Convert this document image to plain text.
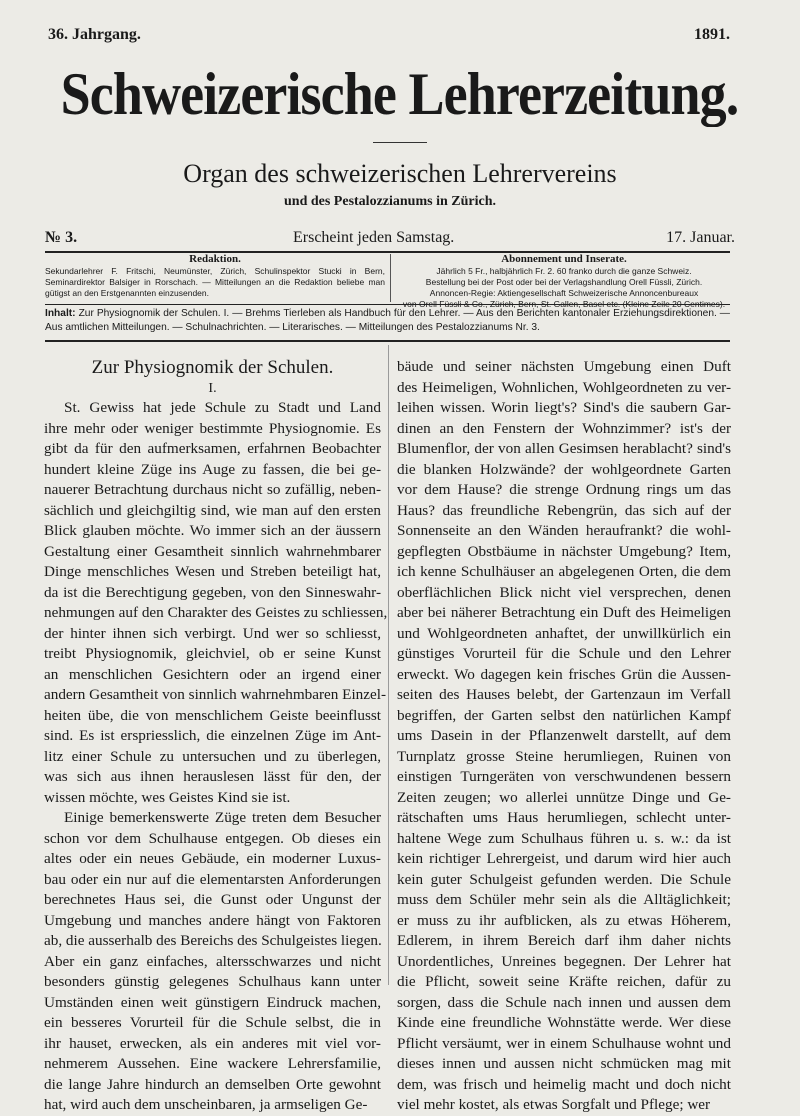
36. Jahrgang.	1891.
Schweizerische Lehrerzeitung.
Organ des schweizerischen Lehrervereins
und des Pestalozzianums in Zürich.
№ 3.	Erscheint jeden Samstag.	17. Januar.
Redaktion.
Sekundarlehrer F. Fritschi, Neumünster, Zürich, Schulinspektor Stucki in Bern, Seminardirektor Balsiger in Rorschach. — Mitteilungen an die Redaktion beliebe man gütigst an den Erstgenannten einzusenden.
Abonnement und Inserate.
Jährlich 5 Fr., halbjährlich Fr. 2. 60 franko durch die ganze Schweiz.
Bestellung bei der Post oder bei der Verlagshandlung Orell Füssli, Zürich.
Annoncen-Regie: Aktiengesellschaft Schweizerische Annoncenbureaux
von Orell Füssli & Co., Zürich, Bern, St. Gallen, Basel etc. (Kleine Zeile 20 Centimes).
Inhalt: Zur Physiognomik der Schulen. I. — Brehms Tierleben als Handbuch für den Lehrer. — Aus den Berichten kantonaler Erziehungsdirektionen. — Aus amtlichen Mitteilungen. — Schulnachrichten. — Literarisches. — Mitteilungen des Pestalozzianums Nr. 3.
Zur Physiognomik der Schulen.
I.
St. Gewiss hat jede Schule zu Stadt und Land
ihre mehr oder weniger bestimmte Physiognomie. Es
gibt da für den aufmerksamen, erfahrnen Beobachter
hundert kleine Züge ins Auge zu fassen, die bei ge-
nauerer Betrachtung durchaus nicht so zufällig, neben-
sächlich und gleichgiltig sind, wie man auf den ersten
Blick glauben möchte. Wo immer sich an der äussern
Gestaltung einer Gesamtheit sinnlich wahrnehmbarer
Dinge menschliches Wesen und Streben beteiligt hat,
da ist die Berechtigung gegeben, von den Sinneswahr-
nehmungen auf den Charakter des Geistes zu schliessen,
der hinter ihnen sich verbirgt. Und wer so schliesst,
treibt Physiognomik, gleichviel, ob er seine Kunst
an menschlichen Gesichtern oder an irgend einer
andern Gesamtheit von sinnlich wahrnehmbaren Einzel-
heiten übe, die von menschlichem Geiste beeinflusst
sind. Es ist erspriesslich, die einzelnen Züge im Ant-
litz einer Schule zu untersuchen und zu überlegen,
was sich aus ihnen herauslesen lässt für den, der
wissen möchte, wes Geistes Kind sie ist.
Einige bemerkenswerte Züge treten dem Besucher
schon vor dem Schulhause entgegen. Ob dieses ein
altes oder ein neues Gebäude, ein moderner Luxus-
bau oder ein nur auf die elementarsten Anforderungen
berechnetes Haus sei, die Gunst oder Ungunst der
Umgebung und manches andere hängt von Faktoren
ab, die ausserhalb des Bereichs des Schulgeistes liegen.
Aber ein ganz einfaches, altersschwarzes und nicht
besonders günstig gelegenes Schulhaus kann unter
Umständen einen weit günstigern Eindruck machen,
ein besseres Vorurteil für die Schule selbst, die in
ihr hauset, erwecken, als ein anderes mit viel vor-
nehmerem Aussehen. Eine wackere Lehrersfamilie,
die lange Jahre hindurch an demselben Orte gewohnt
hat, wird auch dem unscheinbaren, ja armseligen Ge-
bäude und seiner nächsten Umgebung einen Duft
des Heimeligen, Wohnlichen, Wohlgeordneten zu ver-
leihen wissen. Worin liegt's? Sind's die saubern Gar-
dinen an den Fenstern der Wohnzimmer? ist's der
Blumenflor, der von allen Gesimsen herablacht? sind's
die blanken Holzwände? der wohlgeordnete Garten
vor dem Hause? die strenge Ordnung rings um das
Haus? das freundliche Rebengrün, das sich auf der
Sonnenseite an den Wänden heraufrankt? die wohl-
gepflegten Obstbäume in nächster Umgebung? Item,
ich kenne Schulhäuser an abgelegenen Orten, die dem
oberflächlichen Blick nicht viel versprechen, denen
aber bei näherer Betrachtung ein Duft des Heimeligen
und Wohlgeordneten anhaftet, der unwillkürlich ein
günstiges Vorurteil für die Schule und den Lehrer
erweckt. Wo dagegen kein frisches Grün die Aussen-
seiten des Hauses belebt, der Gartenzaun im Verfall
begriffen, der Garten selbst den natürlichen Kampf
ums Dasein in der Pflanzenwelt darstellt, auf dem
Turnplatz grosse Steine herumliegen, Ruinen von
einstigen Turngeräten von verschwundenen bessern
Zeiten zeugen; wo allerlei unnütze Dinge und Ge-
rätschaften ums Haus herumliegen, schlecht unter-
haltene Wege zum Schulhaus führen u. s. w.: da ist
kein richtiger Lehrergeist, und darum wird hier auch
kein guter Schulgeist gefunden werden. Die Schule
muss dem Schüler mehr sein als die Alltäglichkeit;
er muss zu ihr aufblicken, als zu etwas Höherem,
Edlerem, in ihrem Bereich darf ihm daher nichts
Unordentliches, Unreines begegnen. Der Lehrer hat
die Pflicht, soweit seine Kräfte reichen, dafür zu
sorgen, dass die Schule nach innen und aussen dem
Kinde eine freundliche Wohnstätte werde. Wer diese
Pflicht versäumt, wer in einem Schulhause wohnt und
dieses innen und aussen nicht schmücken mag mit
dem, was frisch und heimelig macht und doch nicht
viel mehr kostet, als etwas Sorgfalt und Pflege; wer
